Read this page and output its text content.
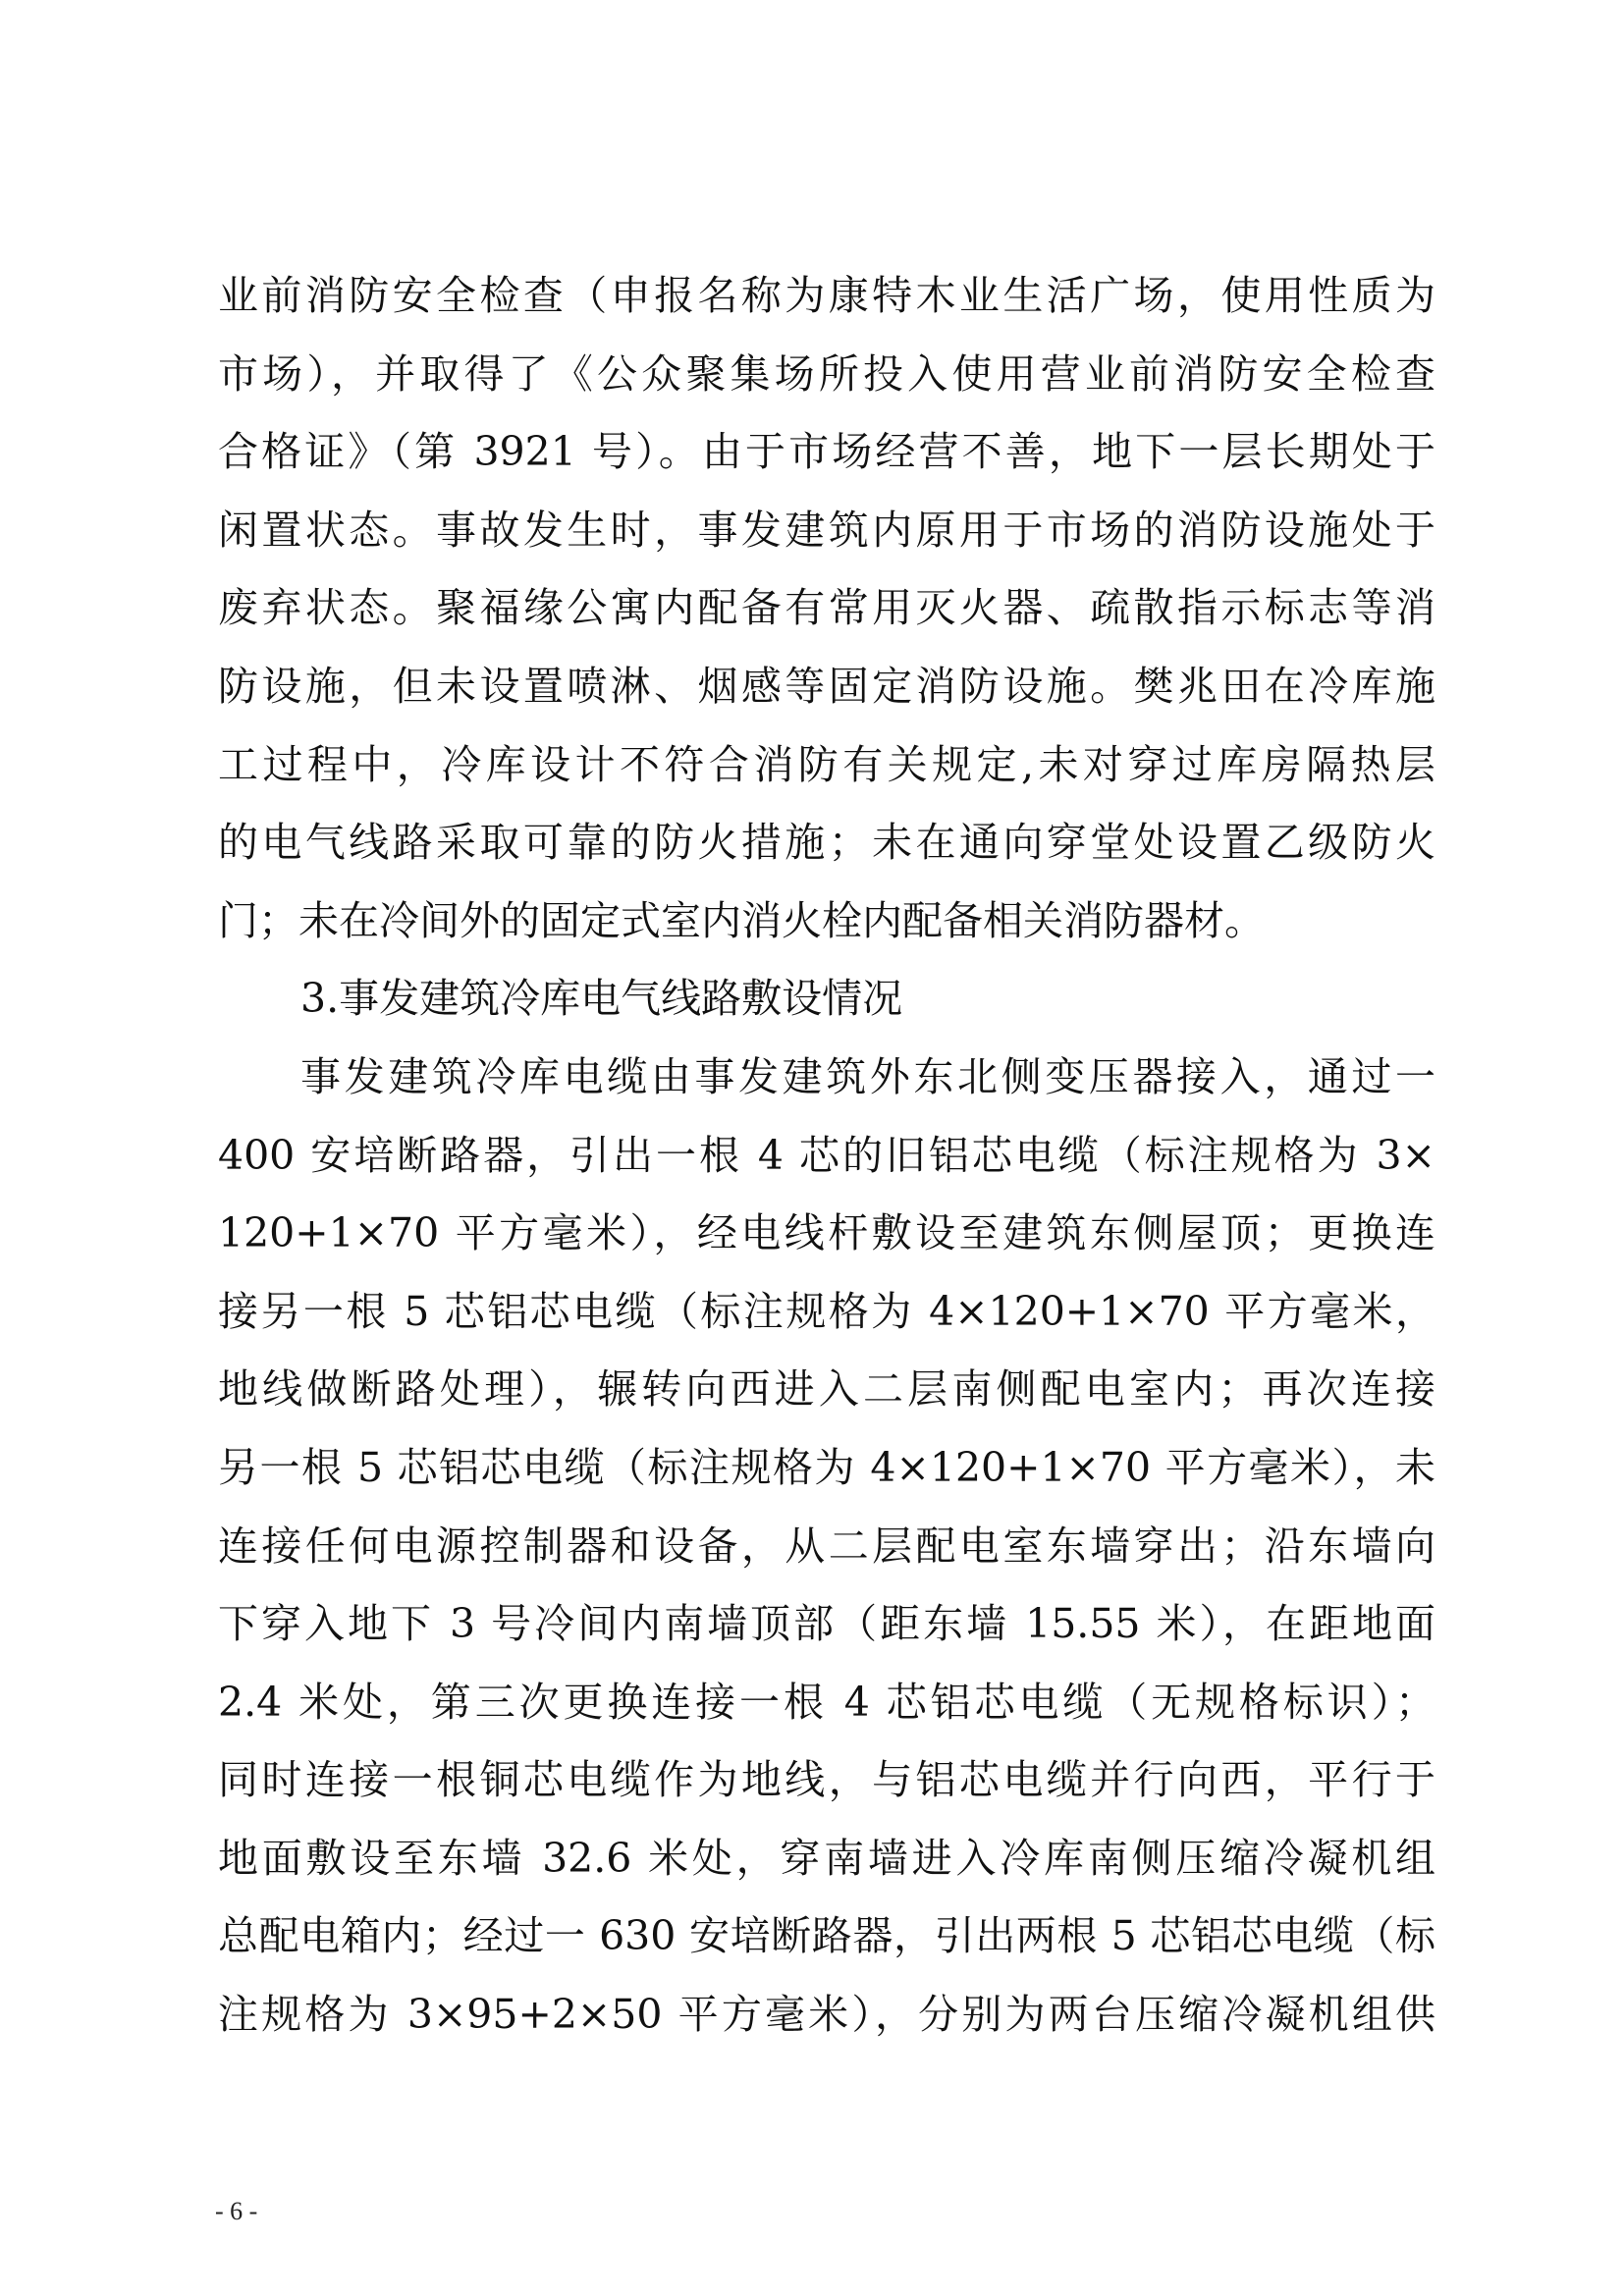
业前消防安全检查（申报名称为康特木业生活广场，使用性质为
市场），并取得了《公众聚集场所投入使用营业前消防安全检查
合格证》（第 3921 号）。由于市场经营不善，地下一层长期处于
闲置状态。事故发生时，事发建筑内原用于市场的消防设施处于
废弃状态。聚福缘公寓内配备有常用灭火器、疏散指示标志等消
防设施，但未设置喷淋、烟感等固定消防设施。樊兆田在冷库施
工过程中，冷库设计不符合消防有关规定,未对穿过库房隔热层
的电气线路采取可靠的防火措施；未在通向穿堂处设置乙级防火
门；未在冷间外的固定式室内消火栓内配备相关消防器材。
3.事发建筑冷库电气线路敷设情况
事发建筑冷库电缆由事发建筑外东北侧变压器接入，通过一
400 安培断路器，引出一根 4 芯的旧铝芯电缆（标注规格为 3×
120+1×70 平方毫米），经电线杆敷设至建筑东侧屋顶；更换连
接另一根 5 芯铝芯电缆（标注规格为 4×120+1×70 平方毫米，
地线做断路处理），辗转向西进入二层南侧配电室内；再次连接
另一根 5 芯铝芯电缆（标注规格为 4×120+1×70 平方毫米），未
连接任何电源控制器和设备，从二层配电室东墙穿出；沿东墙向
下穿入地下 3 号冷间内南墙顶部（距东墙 15.55 米），在距地面
2.4 米处，第三次更换连接一根 4 芯铝芯电缆（无规格标识）；
同时连接一根铜芯电缆作为地线，与铝芯电缆并行向西，平行于
地面敷设至东墙 32.6 米处，穿南墙进入冷库南侧压缩冷凝机组
总配电箱内；经过一 630 安培断路器，引出两根 5 芯铝芯电缆（标
注规格为 3×95+2×50 平方毫米），分别为两台压缩冷凝机组供
- 6 -
